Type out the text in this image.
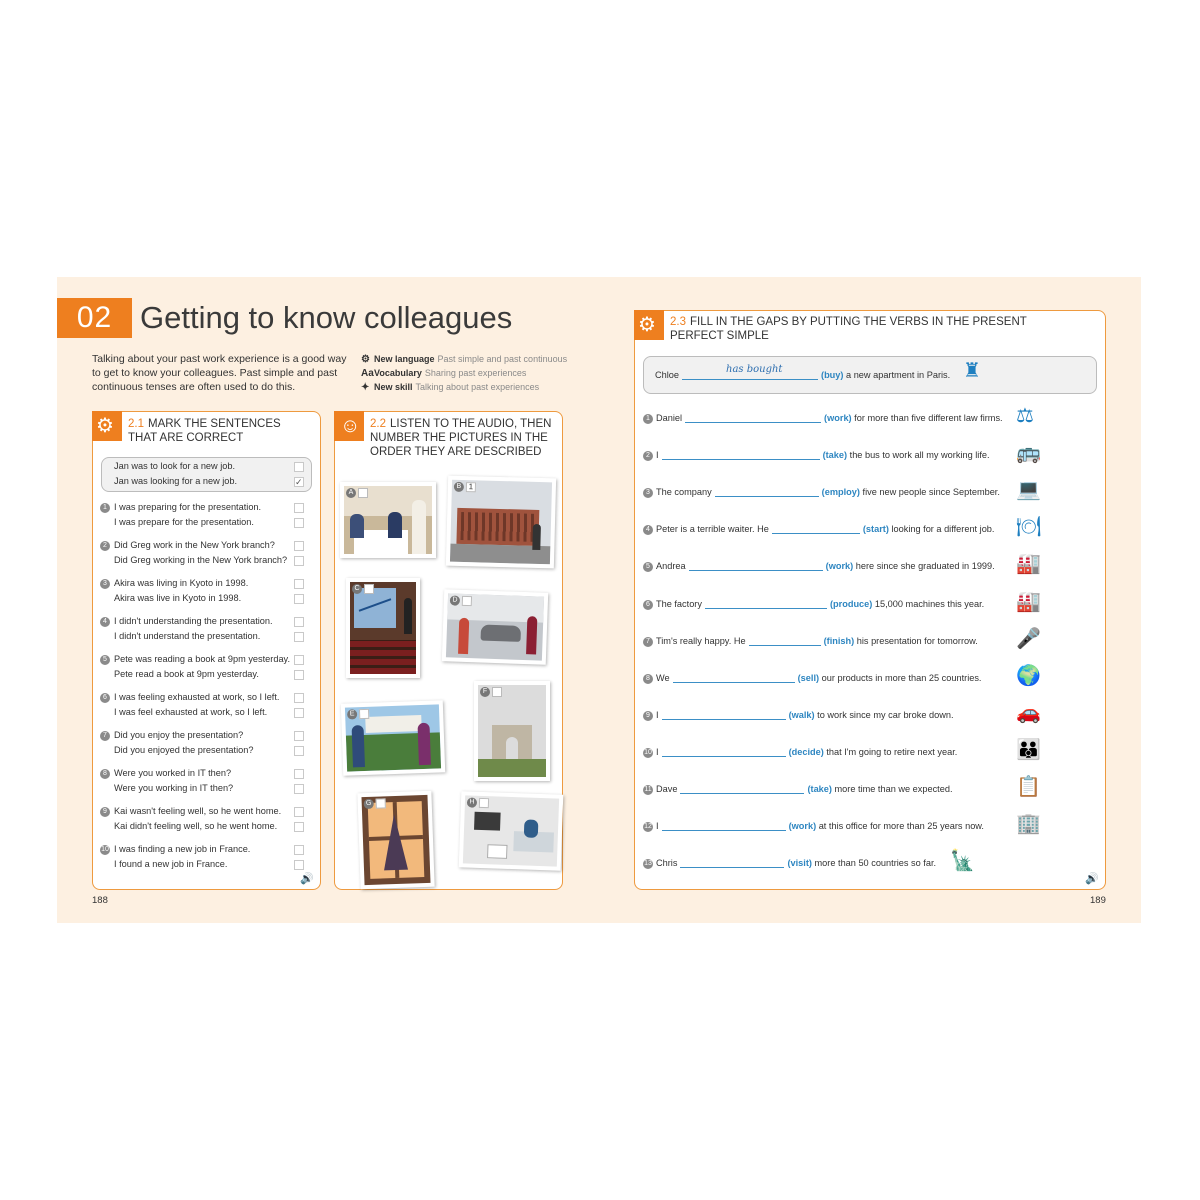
02 Getting to know colleagues
Talking about your past work experience is a good way to get to know your colleagues. Past simple and past continuous tenses are often used to do this.
⚙ New language Past simple and past continuous
AaVocabulary Sharing past experiences
✦ New skill Talking about past experiences
⚙ 2.1 MARK THE SENTENCES
THAT ARE CORRECT
Jan was to look for a new job.
Jan was looking for a new job.	✓
1 I was preparing for the presentation.
I was prepare for the presentation.
2 Did Greg work in the New York branch?
Did Greg working in the New York branch?
3 Akira was living in Kyoto in 1998.
Akira was live in Kyoto in 1998.
4 I didn't understanding the presentation.
I didn't understand the presentation.
5 Pete was reading a book at 9pm yesterday.
Pete read a book at 9pm yesterday.
6 I was feeling exhausted at work, so I left.
I was feel exhausted at work, so I left.
7 Did you enjoy the presentation?
Did you enjoyed the presentation?
8 Were you worked in IT then?
Were you working in IT then?
9 Kai wasn't feeling well, so he went home.
Kai didn't feeling well, so he went home.
10 I was finding a new job in France.
I found a new job in France.
🔊
☺ 2.2 LISTEN TO THE AUDIO, THEN
NUMBER THE PICTURES IN THE
ORDER THEY ARE DESCRIBED
A
B 1
C
D
E
F
G	H
⚙ 2.3 FILL IN THE GAPS BY PUTTING THE VERBS IN THE PRESENT
PERFECT SIMPLE
Chloe	has bought	(buy) a new apartment in Paris. ♜
1 Daniel	(work) for more than five different law firms. ⚖
2 I	(take) the bus to work all my working life. 🚌
3 The company	(employ) five new people since September. 💻
4 Peter is a terrible waiter. He	(start) looking for a different job. 🍽
5 Andrea	(work) here since she graduated in 1999. 🏭
6 The factory	(produce) 15,000 machines this year. 🏭
7 Tim's really happy. He	(finish) his presentation for tomorrow. 🎤
8 We	(sell) our products in more than 25 countries. 🌍
9 I	(walk) to work since my car broke down.	🚗
10 I	(decide) that I'm going to retire next year.	👪
11 Dave	(take) more time than we expected.	📋
12 I	(work) at this office for more than 25 years now. 🏢
13 Chris	(visit) more than 50 countries so far. 🗽
🔊
188	189
